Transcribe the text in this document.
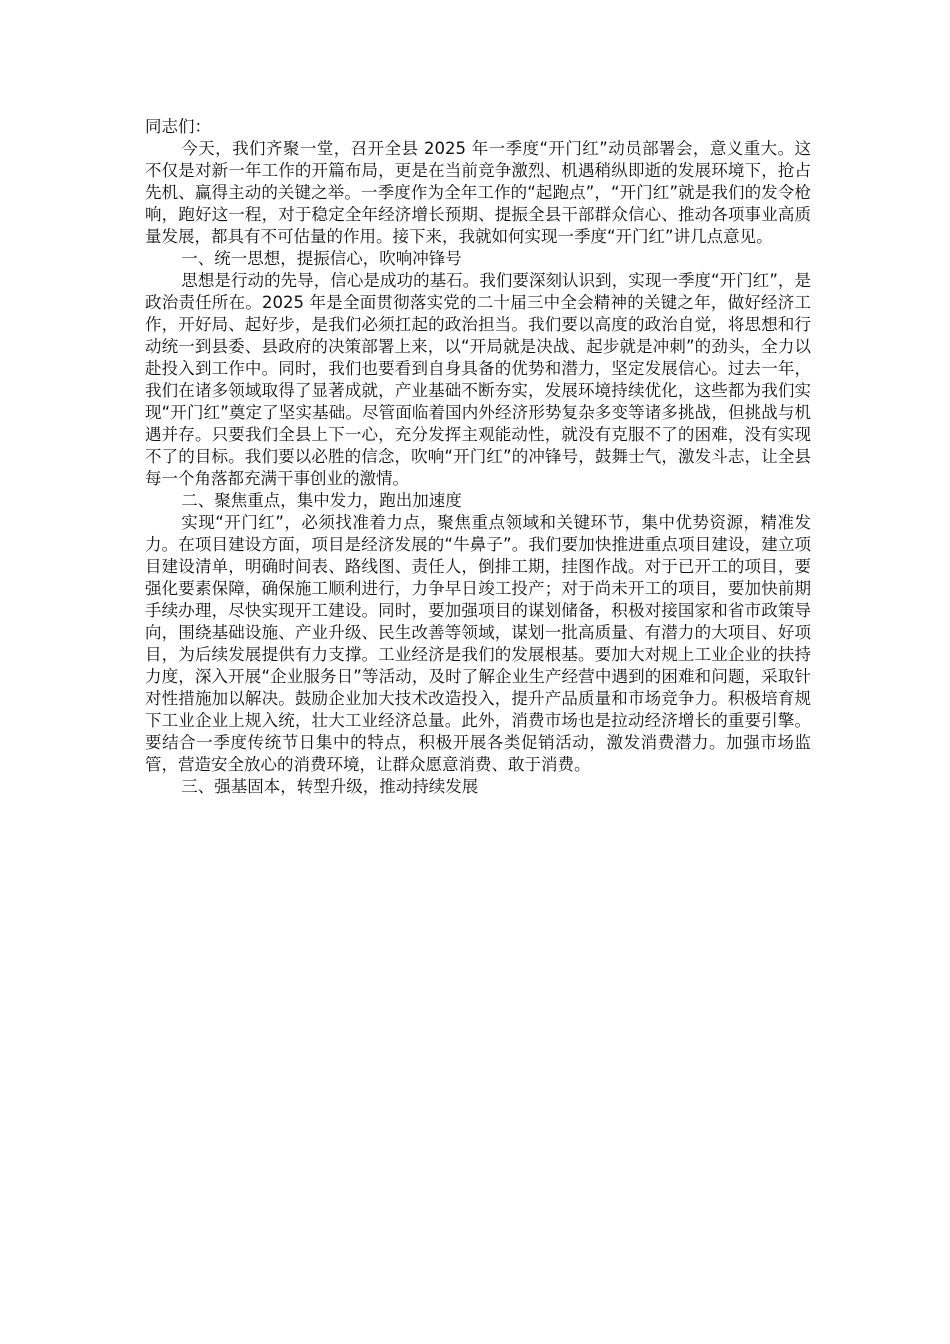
同志们：

今天，我们齐聚一堂，召开全县 2025 年一季度“开门红”动员部署会，意义重大。这不仅是对新一年工作的开篇布局，更是在当前竞争激烈、机遇稍纵即逝的发展环境下，抢占先机、赢得主动的关键之举。一季度作为全年工作的“起跑点”，“开门红”就是我们的发令枪响，跑好这一程，对于稳定全年经济增长预期、提振全县干部群众信心、推动各项事业高质量发展，都具有不可估量的作用。接下来，我就如何实现一季度“开门红”讲几点意见。

一、统一思想，提振信心，吹响冲锋号

思想是行动的先导，信心是成功的基石。我们要深刻认识到，实现一季度“开门红”，是政治责任所在。2025 年是全面贯彻落实党的二十届三中全会精神的关键之年，做好经济工作，开好局、起好步，是我们必须扛起的政治担当。我们要以高度的政治自觉，将思想和行动统一到县委、县政府的决策部署上来，以“开局就是决战、起步就是冲刺”的劲头，全力以赴投入到工作中。同时，我们也要看到自身具备的优势和潜力，坚定发展信心。过去一年，我们在诸多领域取得了显著成就，产业基础不断夯实，发展环境持续优化，这些都为我们实现“开门红”奠定了坚实基础。尽管面临着国内外经济形势复杂多变等诸多挑战，但挑战与机遇并存。只要我们全县上下一心，充分发挥主观能动性，就没有克服不了的困难，没有实现不了的目标。我们要以必胜的信念，吹响“开门红”的冲锋号，鼓舞士气，激发斗志，让全县每一个角落都充满干事创业的激情。

二、聚焦重点，集中发力，跑出加速度

实现“开门红”，必须找准着力点，聚焦重点领域和关键环节，集中优势资源，精准发力。在项目建设方面，项目是经济发展的“牛鼻子”。我们要加快推进重点项目建设，建立项目建设清单，明确时间表、路线图、责任人，倒排工期，挂图作战。对于已开工的项目，要强化要素保障，确保施工顺利进行，力争早日竣工投产；对于尚未开工的项目，要加快前期手续办理，尽快实现开工建设。同时，要加强项目的谋划储备，积极对接国家和省市政策导向，围绕基础设施、产业升级、民生改善等领域，谋划一批高质量、有潜力的大项目、好项目，为后续发展提供有力支撑。工业经济是我们的发展根基。要加大对规上工业企业的扶持力度，深入开展“企业服务日”等活动，及时了解企业生产经营中遇到的困难和问题，采取针对性措施加以解决。鼓励企业加大技术改造投入，提升产品质量和市场竞争力。积极培育规下工业企业上规入统，壮大工业经济总量。此外，消费市场也是拉动经济增长的重要引擎。要结合一季度传统节日集中的特点，积极开展各类促销活动，激发消费潜力。加强市场监管，营造安全放心的消费环境，让群众愿意消费、敢于消费。

三、强基固本，转型升级，推动持续发展
